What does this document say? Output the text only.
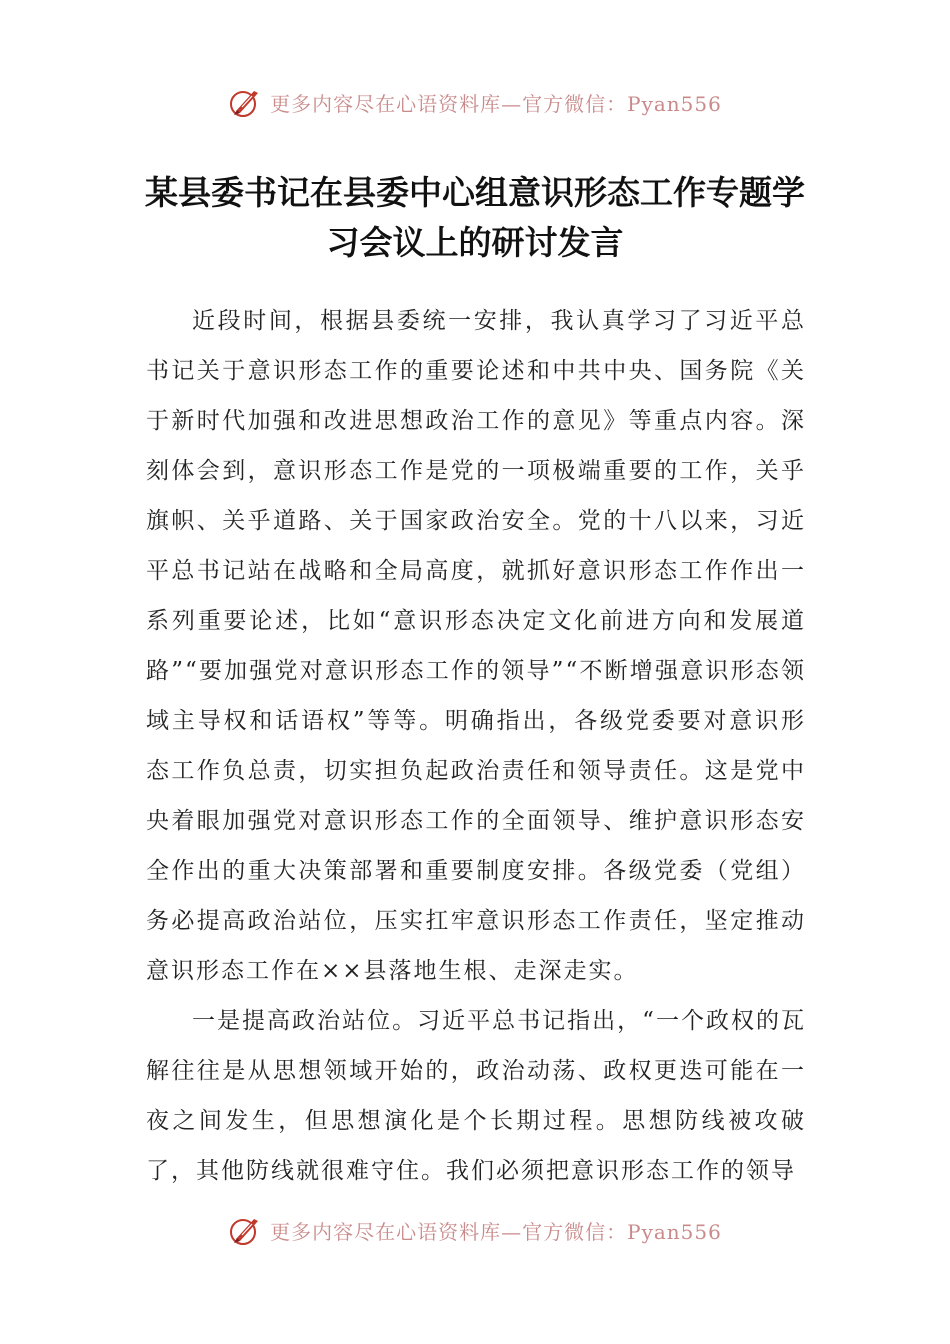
更多内容尽在心语资料库—官方微信：Pyan556
某县委书记在县委中心组意识形态工作专题学习会议上的研讨发言

近段时间，根据县委统一安排，我认真学习了习近平总书记关于意识形态工作的重要论述和中共中央、国务院《关于新时代加强和改进思想政治工作的意见》等重点内容。深刻体会到，意识形态工作是党的一项极端重要的工作，关乎旗帜、关乎道路、关于国家政治安全。党的十八以来，习近平总书记站在战略和全局高度，就抓好意识形态工作作出一系列重要论述，比如“意识形态决定文化前进方向和发展道路”“要加强党对意识形态工作的领导”“不断增强意识形态领域主导权和话语权”等等。明确指出，各级党委要对意识形态工作负总责，切实担负起政治责任和领导责任。这是党中央着眼加强党对意识形态工作的全面领导、维护意识形态安全作出的重大决策部署和重要制度安排。各级党委（党组）务必提高政治站位，压实扛牢意识形态工作责任，坚定推动意识形态工作在××县落地生根、走深走实。

一是提高政治站位。习近平总书记指出，“一个政权的瓦解往往是从思想领域开始的，政治动荡、政权更迭可能在一夜之间发生，但思想演化是个长期过程。思想防线被攻破了，其他防线就很难守住。我们必须把意识形态工作的领导

更多内容尽在心语资料库—官方微信：Pyan556
